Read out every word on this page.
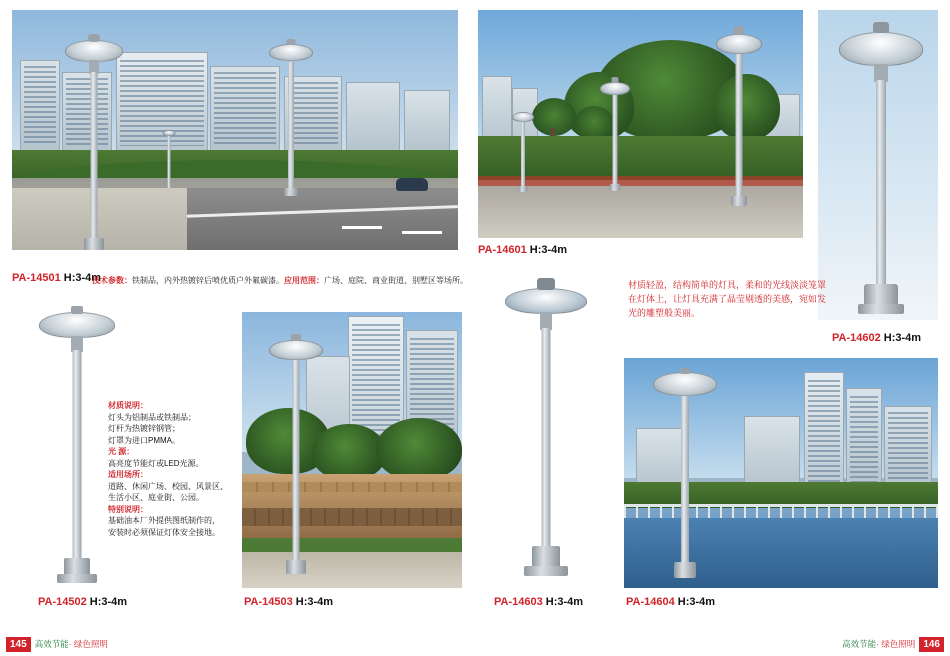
PA-14501 H:3-4m
技术参数：铁制品，内外热镀锌后喷优质户外氟碳漆。应用范围：广场、庭院、商业街道、别墅区等场所。
PA-14601 H:3-4m
PA-14602 H:3-4m
材质轻盈，结构简单的灯具，柔和的光线淡淡笼罩
在灯体上，让灯具充满了晶莹剔透的美感，宛如发
光的雕塑般美丽。
材质说明：
灯头为铝制品或铁制品；
灯杆为热镀锌钢管；
灯罩为进口PMMA。
光 源：
高亮度节能灯或LED光源。
适用场所：
道路、休闲广场、校园、风景区、
生活小区、庭业街、公园。
特别说明：
基础油本厂外提供图纸制作的，
安装时必须保证灯体安全接地。
PA-14502 H:3-4m	PA-14503 H:3-4m	PA-14603 H:3-4m	PA-14604 H:3-4m
145 高效节能· 绿色照明	高效节能· 绿色照明 146
